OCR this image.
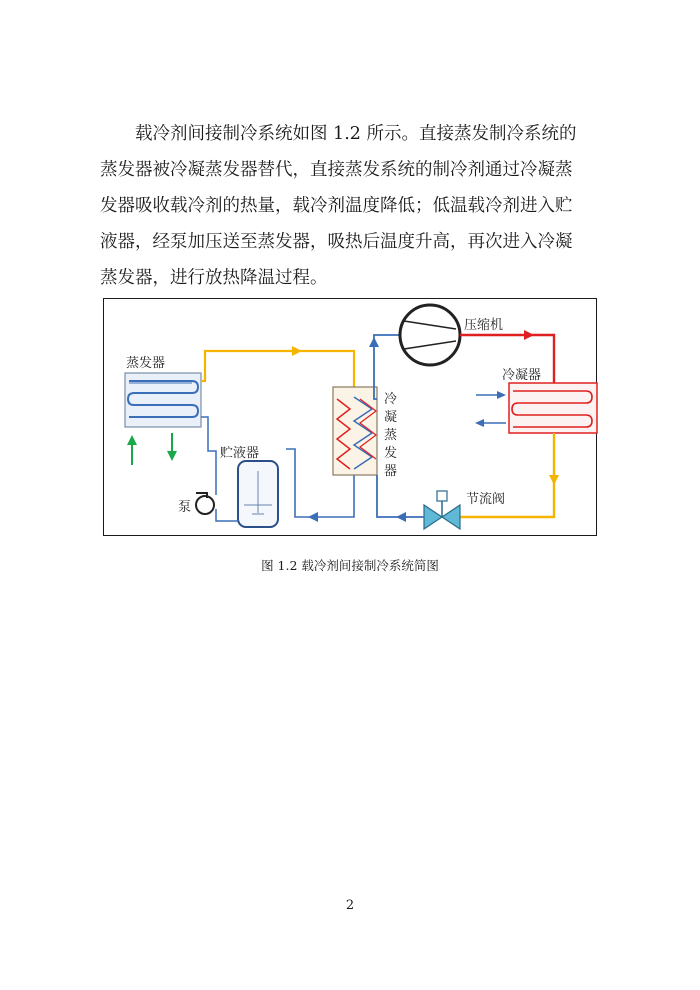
载冷剂间接制冷系统如图 1.2 所示。直接蒸发制冷系统的
蒸发器被冷凝蒸发器替代，直接蒸发系统的制冷剂通过冷凝蒸
发器吸收载冷剂的热量，载冷剂温度降低；低温载冷剂进入贮
液器，经泵加压送至蒸发器，吸热后温度升高，再次进入冷凝
蒸发器，进行放热降温过程。
蒸发器
贮液器
泵
冷
凝
蒸
发
器
压缩机
冷凝器
节流阀
图 1.2 载冷剂间接制冷系统简图
2
